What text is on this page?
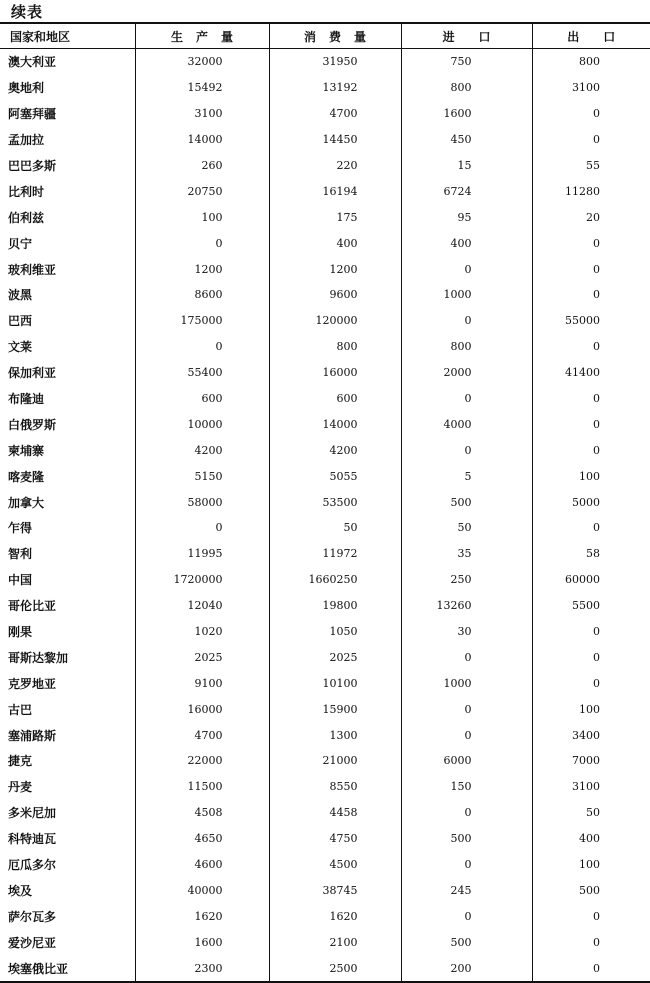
续表
国家和地区	生产量	消费量	进口	出口
澳大利亚	32000	31950	750	800
奥地利	15492	13192	800	3100
阿塞拜疆	3100	4700	1600	0
孟加拉	14000	14450	450	0
巴巴多斯	260	220	15	55
比利时	20750	16194	6724	11280
伯利兹	100	175	95	20
贝宁	0	400	400	0
玻利维亚	1200	1200	0	0
波黑	8600	9600	1000	0
巴西	175000	120000	0	55000
文莱	0	800	800	0
保加利亚	55400	16000	2000	41400
布隆迪	600	600	0	0
白俄罗斯	10000	14000	4000	0
柬埔寨	4200	4200	0	0
喀麦隆	5150	5055	5	100
加拿大	58000	53500	500	5000
乍得	0	50	50	0
智利	11995	11972	35	58
中国	1720000	1660250	250	60000
哥伦比亚	12040	19800	13260	5500
刚果	1020	1050	30	0
哥斯达黎加	2025	2025	0	0
克罗地亚	9100	10100	1000	0
古巴	16000	15900	0	100
塞浦路斯	4700	1300	0	3400
捷克	22000	21000	6000	7000
丹麦	11500	8550	150	3100
多米尼加	4508	4458	0	50
科特迪瓦	4650	4750	500	400
厄瓜多尔	4600	4500	0	100
埃及	40000	38745	245	500
萨尔瓦多	1620	1620	0	0
爱沙尼亚	1600	2100	500	0
埃塞俄比亚	2300	2500	200	0
